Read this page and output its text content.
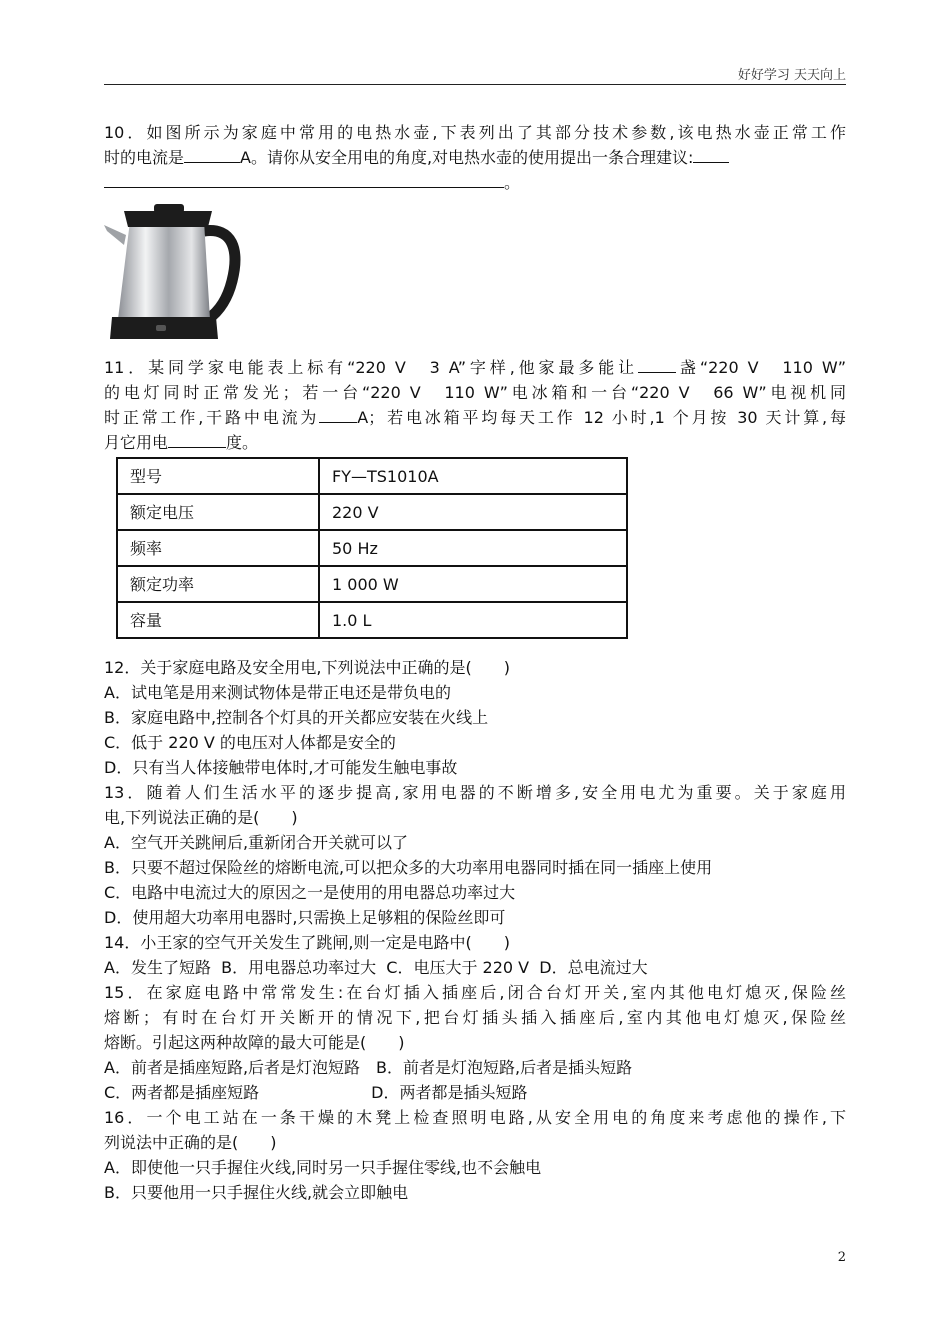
好好学习 天天向上
10．如图所示为家庭中常用的电热水壶,下表列出了其部分技术参数,该电热水壶正常工作
时的电流是	A。请你从安全用电的角度,对电热水壶的使用提出一条合理建议:
。
11．某同学家电能表上标有“220 V　3 A”字样,他家最多能让 盏“220 V　110 W”
的电灯同时正常发光；若一台“220 V　110 W”电冰箱和一台“220 V　66 W”电视机同
时正常工作,干路中电流为 A；若电冰箱平均每天工作 12 小时,1 个月按 30 天计算,每
月它用电	度。
型号	FY—TS1010A
额定电压	220 V
频率	50 Hz
额定功率	1 000 W
容量	1.0 L
12．关于家庭电路及安全用电,下列说法中正确的是(　　)
A．试电笔是用来测试物体是带正电还是带负电的
B．家庭电路中,控制各个灯具的开关都应安装在火线上
C．低于 220 V 的电压对人体都是安全的
D．只有当人体接触带电体时,才可能发生触电事故
13．随着人们生活水平的逐步提高,家用电器的不断增多,安全用电尤为重要。关于家庭用
电,下列说法正确的是(　　)
A．空气开关跳闸后,重新闭合开关就可以了
B．只要不超过保险丝的熔断电流,可以把众多的大功率用电器同时插在同一插座上使用
C．电路中电流过大的原因之一是使用的用电器总功率过大
D．使用超大功率用电器时,只需换上足够粗的保险丝即可
14．小王家的空气开关发生了跳闸,则一定是电路中(　　)
A．发生了短路  B．用电器总功率过大  C．电压大于 220 V  D．总电流过大
15．在家庭电路中常常发生:在台灯插入插座后,闭合台灯开关,室内其他电灯熄灭,保险丝
熔断；有时在台灯开关断开的情况下,把台灯插头插入插座后,室内其他电灯熄灭,保险丝
熔断。引起这两种故障的最大可能是(　　)
A．前者是插座短路,后者是灯泡短路　B．前者是灯泡短路,后者是插头短路
C．两者都是插座短路　　　　　　　D．两者都是插头短路
16．一个电工站在一条干燥的木凳上检查照明电路,从安全用电的角度来考虑他的操作,下
列说法中正确的是(　　)
A．即使他一只手握住火线,同时另一只手握住零线,也不会触电
B．只要他用一只手握住火线,就会立即触电
2
